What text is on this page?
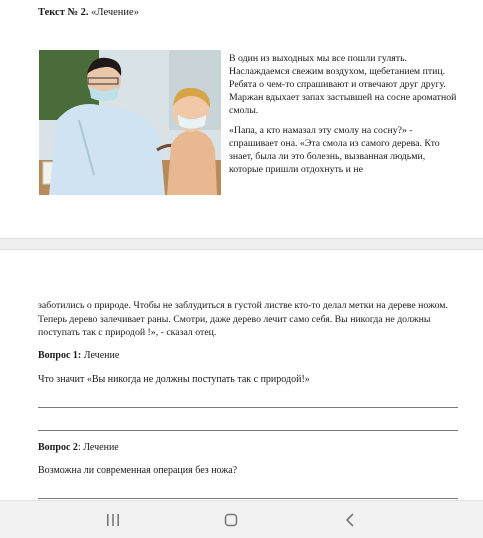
Текст № 2. «Лечение»

В один из выходных мы все пошли гулять. Наслаждаемся свежим воздухом, щебетанием птиц. Ребята о чем-то спрашивают и отвечают друг другу. Маржан вдыхает запах застывшей на сосне ароматной смолы.

«Папа, а кто намазал эту смолу на сосну?» - спрашивает она. «Эта смола из самого дерева. Кто знает, была ли это болезнь, вызванная людьми, которые пришли отдохнуть и не

заботились о природе. Чтобы не заблудиться в густой листве кто-то делал метки на дереве ножом. Теперь дерево залечивает раны. Смотри, даже дерево лечит само себя. Вы никогда не должны поступать так с природой !», - сказал отец.
Вопрос 1: Лечение
Что значит «Вы никогда не должны поступать так с природой!»
Вопрос 2: Лечение
Возможна ли современная операция без ножа?
